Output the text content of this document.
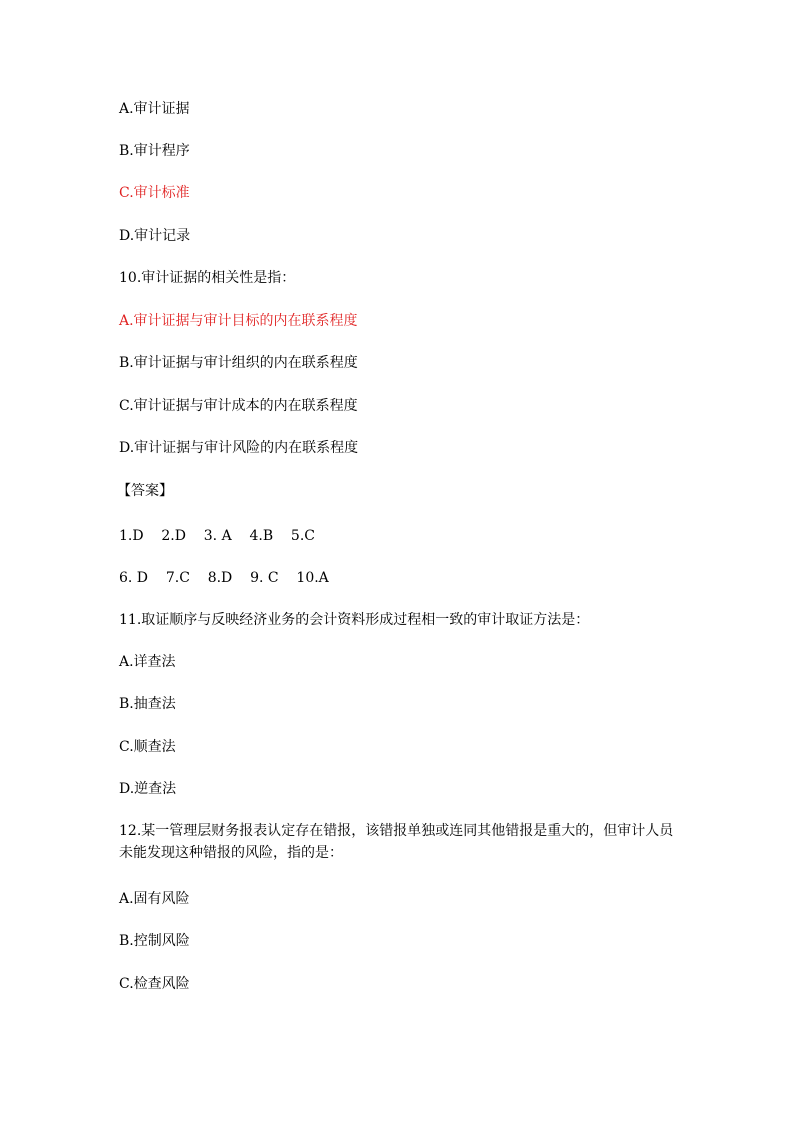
A.审计证据
B.审计程序
C.审计标准
D.审计记录
10.审计证据的相关性是指：
A.审计证据与审计目标的内在联系程度
B.审计证据与审计组织的内在联系程度
C.审计证据与审计成本的内在联系程度
D.审计证据与审计风险的内在联系程度
【答案】
1.D    2.D    3. A    4.B    5.C
6. D    7.C    8.D    9. C    10.A
11.取证顺序与反映经济业务的会计资料形成过程相一致的审计取证方法是：
A.详查法
B.抽查法
C.顺查法
D.逆查法
12.某一管理层财务报表认定存在错报，该错报单独或连同其他错报是重大的，但审计人员未能发现这种错报的风险，指的是：
A.固有风险
B.控制风险
C.检查风险
